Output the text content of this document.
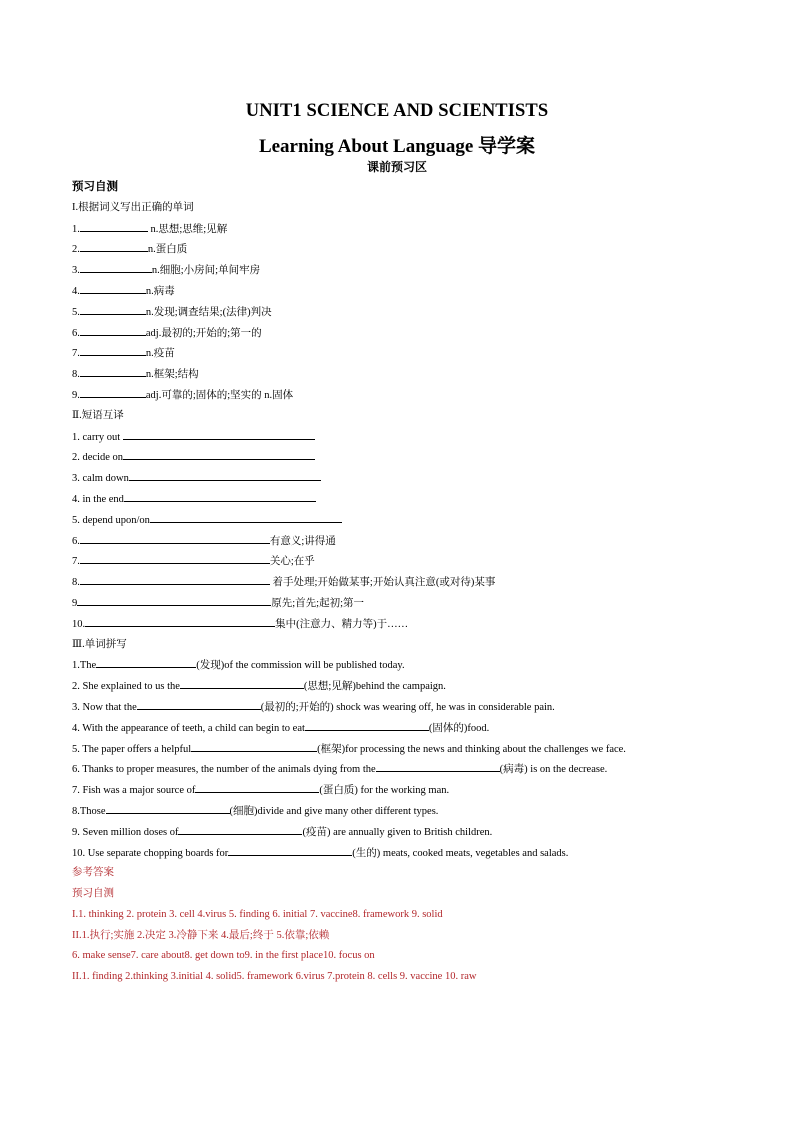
UNIT1 SCIENCE AND SCIENTISTS
Learning About Language 导学案
课前预习区
预习自测
I.根据词义写出正确的单词
1.	n.思想;思维;见解
2.	n.蛋白质
3.	n.细胞;小房间;单间牢房
4.	n.病毒
5.	n.发现;调查结果;(法律)判决
6.	adj.最初的;开始的;第一的
7.	n.疫苗
8.	n.框架;结构
9.	adj.可靠的;固体的;坚实的 n.固体
Ⅱ.短语互译
1. carry out
2. decide on
3. calm down
4. in the end
5. depend upon/on
6.	有意义;讲得通
7.	关心;在乎
8.	着手处理;开始做某事;开始认真注意(或对待)某事
9	原先;首先;起初;第一
10.	集中(注意力、精力等)于……
Ⅲ.单词拼写
1.The	(发现)of the commission will be published today.
2. She explained to us the	(思想;见解)behind the campaign.
3. Now that the	(最初的;开始的) shock was wearing off, he was in considerable pain.
4. With the appearance of teeth, a child can begin to eat	(固体的)food.
5. The paper offers a helpful	(框架)for processing the news and thinking about the challenges we face.
6. Thanks to proper measures, the number of the animals dying from the	(病毒) is on the decrease.
7. Fish was a major source of	(蛋白质) for the working man.
8.Those	(细胞)divide and give many other different types.
9. Seven million doses of	(疫苗) are annually given to British children.
10. Use separate chopping boards for	(生的) meats, cooked meats, vegetables and salads.
参考答案
预习自测
I.1. thinking 2. protein 3. cell 4.virus 5. finding 6. initial 7. vaccine8. framework 9. solid
II.1.执行;实施 2.决定 3.冷静下来 4.最后;终于 5.依靠;依赖
6. make sense7. care about8. get down to9. in the first place10. focus on
II.1. finding 2.thinking 3.initial 4. solid5. framework 6.virus 7.protein 8. cells 9. vaccine 10. raw
